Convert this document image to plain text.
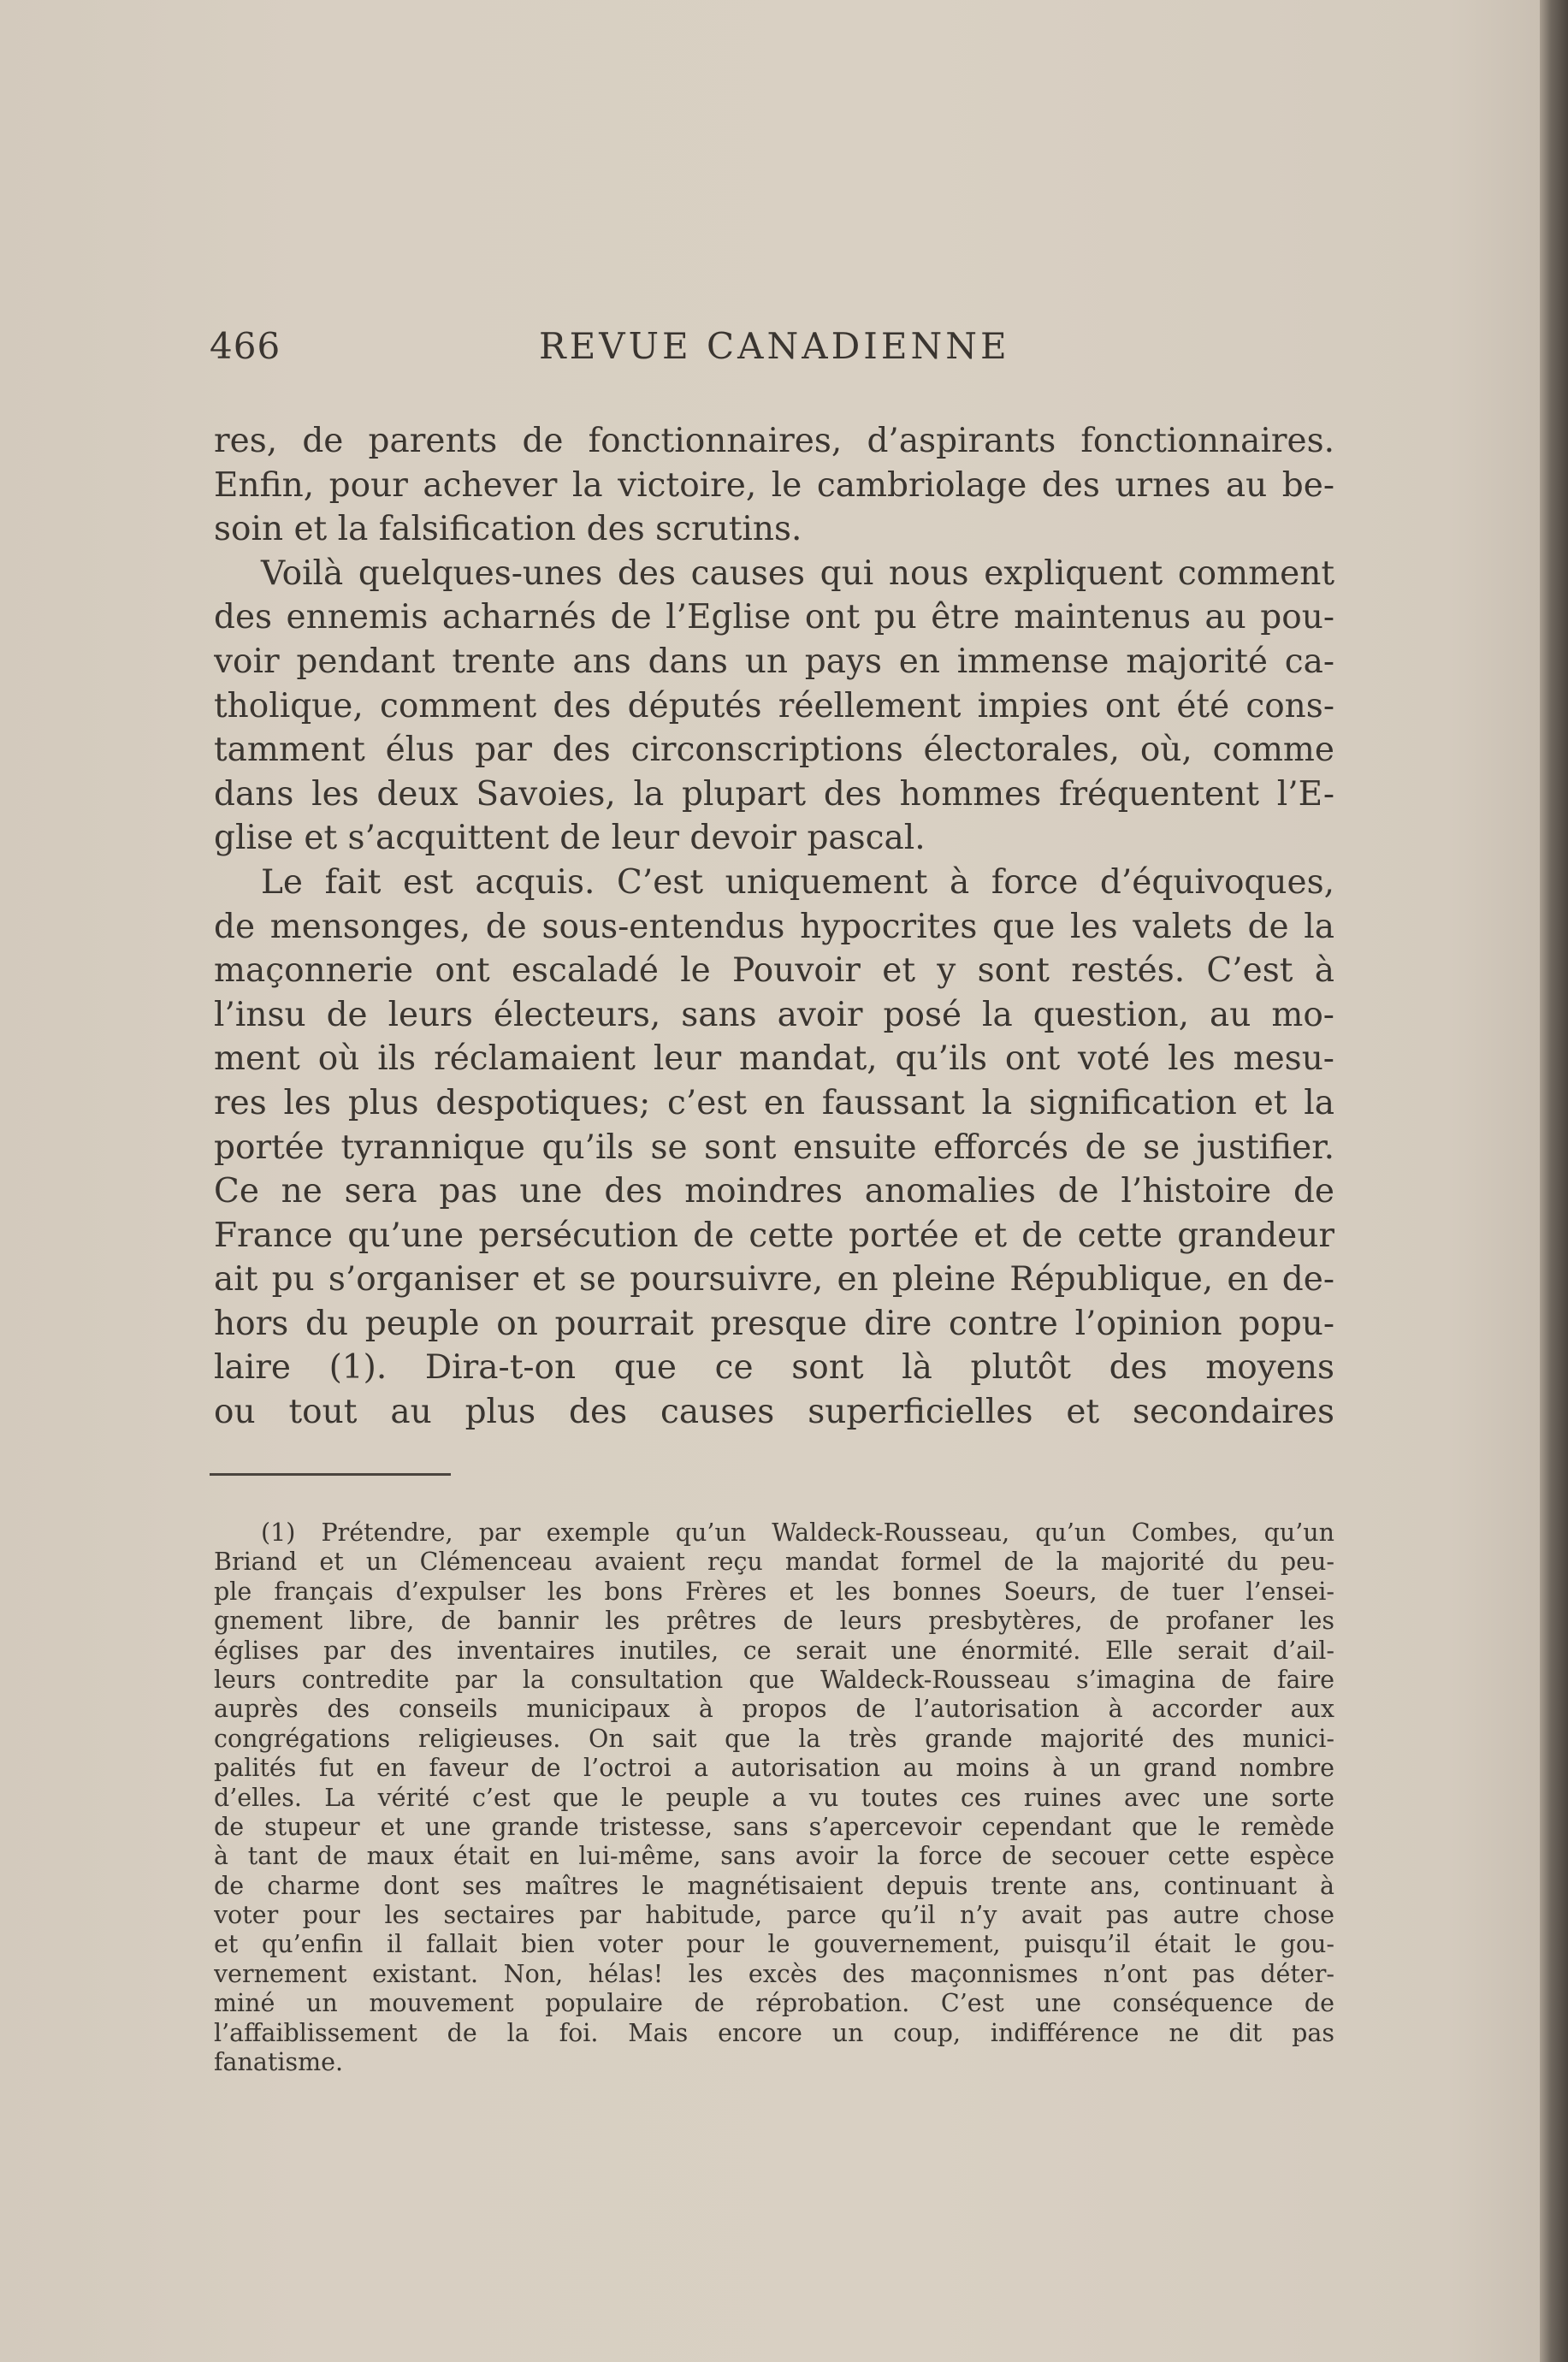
466	REVUE CANADIENNE
res, de parents de fonctionnaires, d’aspirants fonctionnaires.
Enfin, pour achever la victoire, le cambriolage des urnes au be-
soin et la falsification des scrutins.
Voilà quelques-unes des causes qui nous expliquent comment
des ennemis acharnés de l’Eglise ont pu être maintenus au pou-
voir pendant trente ans dans un pays en immense majorité ca-
tholique, comment des députés réellement impies ont été cons-
tamment élus par des circonscriptions électorales, où, comme
dans les deux Savoies, la plupart des hommes fréquentent l’E-
glise et s’acquittent de leur devoir pascal.
Le fait est acquis. C’est uniquement à force d’équivoques,
de mensonges, de sous-entendus hypocrites que les valets de la
maçonnerie ont escaladé le Pouvoir et y sont restés. C’est à
l’insu de leurs électeurs, sans avoir posé la question, au mo-
ment où ils réclamaient leur mandat, qu’ils ont voté les mesu-
res les plus despotiques; c’est en faussant la signification et la
portée tyrannique qu’ils se sont ensuite efforcés de se justifier.
Ce ne sera pas une des moindres anomalies de l’histoire de
France qu’une persécution de cette portée et de cette grandeur
ait pu s’organiser et se poursuivre, en pleine République, en de-
hors du peuple on pourrait presque dire contre l’opinion popu-
laire (1). Dira-t-on que ce sont là plutôt des moyens
ou tout au plus des causes superficielles et secondaires
(1) Prétendre, par exemple qu’un Waldeck-Rousseau, qu’un Combes, qu’un
Briand et un Clémenceau avaient reçu mandat formel de la majorité du peu-
ple français d’expulser les bons Frères et les bonnes Soeurs, de tuer l’ensei-
gnement libre, de bannir les prêtres de leurs presbytères, de profaner les
églises par des inventaires inutiles, ce serait une énormité. Elle serait d’ail-
leurs contredite par la consultation que Waldeck-Rousseau s’imagina de faire
auprès des conseils municipaux à propos de l’autorisation à accorder aux
congrégations religieuses. On sait que la très grande majorité des munici-
palités fut en faveur de l’octroi a autorisation au moins à un grand nombre
d’elles. La vérité c’est que le peuple a vu toutes ces ruines avec une sorte
de stupeur et une grande tristesse, sans s’apercevoir cependant que le remède
à tant de maux était en lui-même, sans avoir la force de secouer cette espèce
de charme dont ses maîtres le magnétisaient depuis trente ans, continuant à
voter pour les sectaires par habitude, parce qu’il n’y avait pas autre chose
et qu’enfin il fallait bien voter pour le gouvernement, puisqu’il était le gou-
vernement existant. Non, hélas! les excès des maçonnismes n’ont pas déter-
miné un mouvement populaire de réprobation. C’est une conséquence de
l’affaiblissement de la foi. Mais encore un coup, indifférence ne dit pas
fanatisme.
